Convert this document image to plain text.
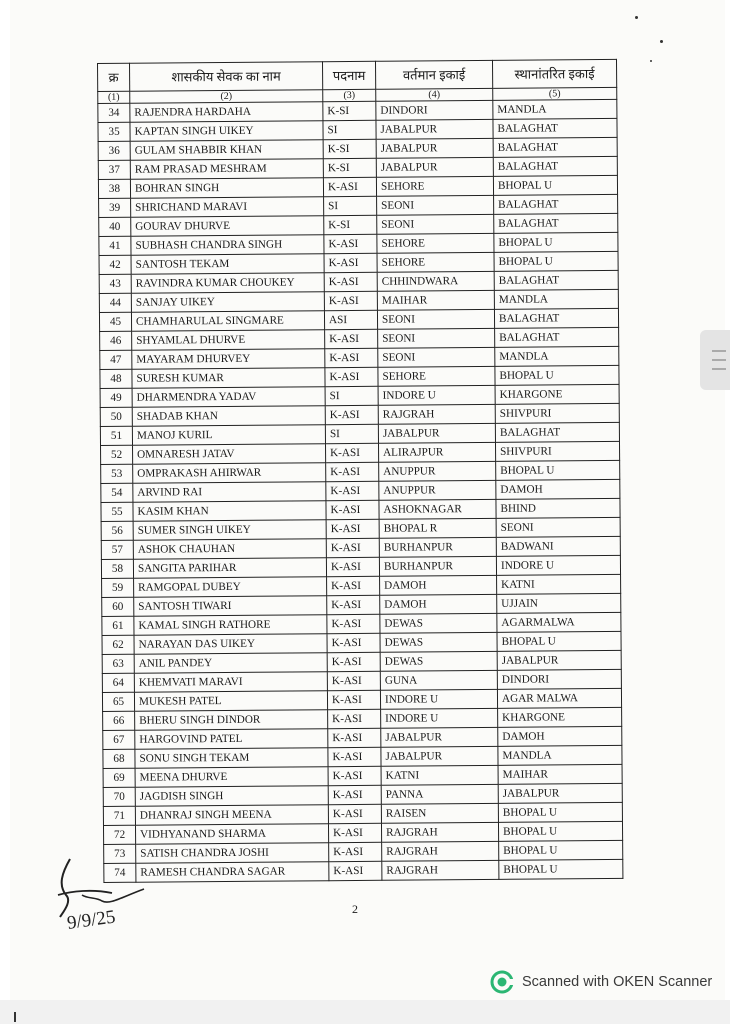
क्र	शासकीय सेवक का नाम	पदनाम	वर्तमान इकाई	स्थानांतरित इकाई
(1)	(2)	(3)	(4)	(5)
34	RAJENDRA HARDAHA	K-SI	DINDORI	MANDLA
35	KAPTAN SINGH UIKEY	SI	JABALPUR	BALAGHAT
36	GULAM SHABBIR KHAN	K-SI	JABALPUR	BALAGHAT
37	RAM PRASAD MESHRAM	K-SI	JABALPUR	BALAGHAT
38	BOHRAN SINGH	K-ASI	SEHORE	BHOPAL U
39	SHRICHAND MARAVI	SI	SEONI	BALAGHAT
40	GOURAV DHURVE	K-SI	SEONI	BALAGHAT
41	SUBHASH CHANDRA SINGH	K-ASI	SEHORE	BHOPAL U
42	SANTOSH TEKAM	K-ASI	SEHORE	BHOPAL U
43	RAVINDRA KUMAR CHOUKEY	K-ASI	CHHINDWARA	BALAGHAT
44	SANJAY UIKEY	K-ASI	MAIHAR	MANDLA
45	CHAMHARULAL SINGMARE	ASI	SEONI	BALAGHAT
46	SHYAMLAL DHURVE	K-ASI	SEONI	BALAGHAT
47	MAYARAM DHURVEY	K-ASI	SEONI	MANDLA
48	SURESH KUMAR	K-ASI	SEHORE	BHOPAL U
49	DHARMENDRA YADAV	SI	INDORE U	KHARGONE
50	SHADAB KHAN	K-ASI	RAJGRAH	SHIVPURI
51	MANOJ KURIL	SI	JABALPUR	BALAGHAT
52	OMNARESH JATAV	K-ASI	ALIRAJPUR	SHIVPURI
53	OMPRAKASH AHIRWAR	K-ASI	ANUPPUR	BHOPAL U
54	ARVIND RAI	K-ASI	ANUPPUR	DAMOH
55	KASIM KHAN	K-ASI	ASHOKNAGAR	BHIND
56	SUMER SINGH UIKEY	K-ASI	BHOPAL R	SEONI
57	ASHOK CHAUHAN	K-ASI	BURHANPUR	BADWANI
58	SANGITA PARIHAR	K-ASI	BURHANPUR	INDORE U
59	RAMGOPAL DUBEY	K-ASI	DAMOH	KATNI
60	SANTOSH TIWARI	K-ASI	DAMOH	UJJAIN
61	KAMAL SINGH RATHORE	K-ASI	DEWAS	AGARMALWA
62	NARAYAN DAS UIKEY	K-ASI	DEWAS	BHOPAL U
63	ANIL PANDEY	K-ASI	DEWAS	JABALPUR
64	KHEMVATI MARAVI	K-ASI	GUNA	DINDORI
65	MUKESH PATEL	K-ASI	INDORE U	AGAR MALWA
66	BHERU SINGH DINDOR	K-ASI	INDORE U	KHARGONE
67	HARGOVIND PATEL	K-ASI	JABALPUR	DAMOH
68	SONU SINGH TEKAM	K-ASI	JABALPUR	MANDLA
69	MEENA DHURVE	K-ASI	KATNI	MAIHAR
70	JAGDISH SINGH	K-ASI	PANNA	JABALPUR
71	DHANRAJ SINGH MEENA	K-ASI	RAISEN	BHOPAL U
72	VIDHYANAND SHARMA	K-ASI	RAJGRAH	BHOPAL U
73	SATISH CHANDRA JOSHI	K-ASI	RAJGRAH	BHOPAL U
74	RAMESH CHANDRA SAGAR	K-ASI	RAJGRAH	BHOPAL U
2
9/9/25
Scanned with OKEN Scanner
